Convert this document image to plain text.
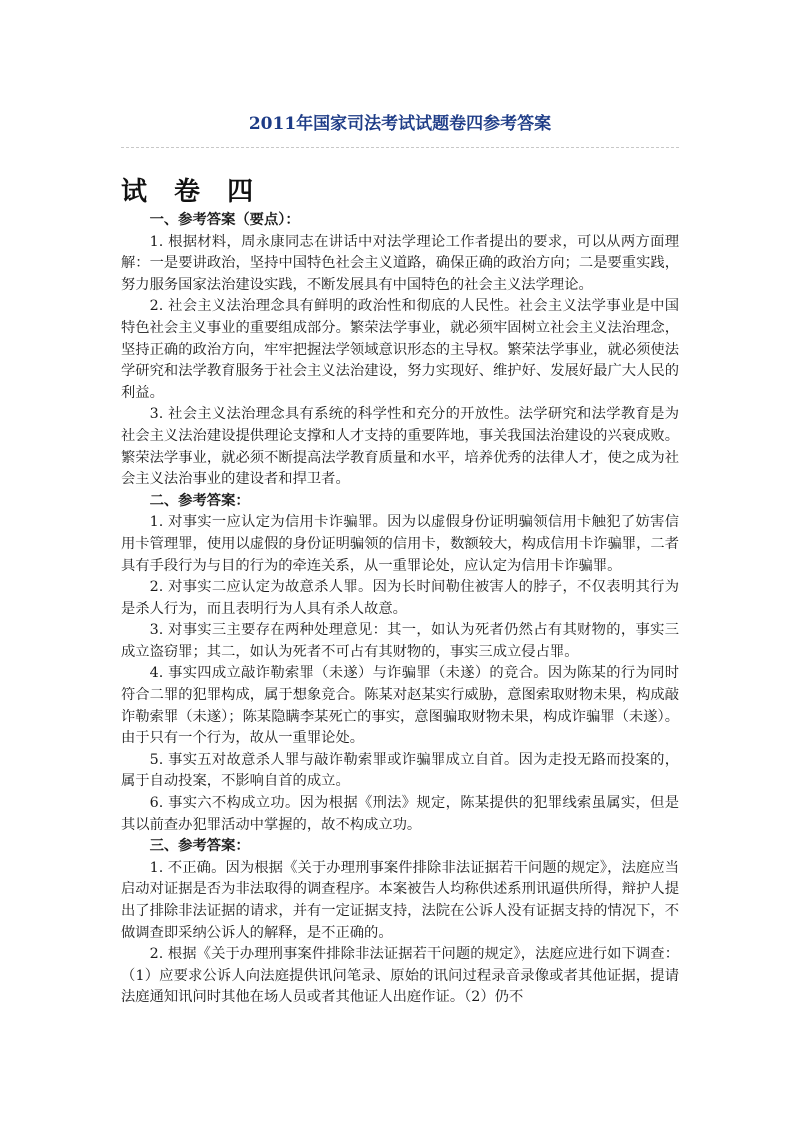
2011年国家司法考试试题卷四参考答案
试 卷 四

一、参考答案（要点）：

1. 根据材料，周永康同志在讲话中对法学理论工作者提出的要求，可以从两方面理解：一是要讲政治，坚持中国特色社会主义道路，确保正确的政治方向；二是要重实践，努力服务国家法治建设实践，不断发展具有中国特色的社会主义法学理论。

2. 社会主义法治理念具有鲜明的政治性和彻底的人民性。社会主义法学事业是中国特色社会主义事业的重要组成部分。繁荣法学事业，就必须牢固树立社会主义法治理念，坚持正确的政治方向，牢牢把握法学领域意识形态的主导权。繁荣法学事业，就必须使法学研究和法学教育服务于社会主义法治建设，努力实现好、维护好、发展好最广大人民的利益。

3. 社会主义法治理念具有系统的科学性和充分的开放性。法学研究和法学教育是为社会主义法治建设提供理论支撑和人才支持的重要阵地，事关我国法治建设的兴衰成败。繁荣法学事业，就必须不断提高法学教育质量和水平，培养优秀的法律人才，使之成为社会主义法治事业的建设者和捍卫者。

二、参考答案：

1. 对事实一应认定为信用卡诈骗罪。因为以虚假身份证明骗领信用卡触犯了妨害信用卡管理罪，使用以虚假的身份证明骗领的信用卡，数额较大，构成信用卡诈骗罪，二者具有手段行为与目的行为的牵连关系，从一重罪论处，应认定为信用卡诈骗罪。

2. 对事实二应认定为故意杀人罪。因为长时间勒住被害人的脖子，不仅表明其行为是杀人行为，而且表明行为人具有杀人故意。

3. 对事实三主要存在两种处理意见：其一，如认为死者仍然占有其财物的，事实三成立盗窃罪；其二，如认为死者不可占有其财物的，事实三成立侵占罪。

4. 事实四成立敲诈勒索罪（未遂）与诈骗罪（未遂）的竞合。因为陈某的行为同时符合二罪的犯罪构成，属于想象竞合。陈某对赵某实行威胁，意图索取财物未果，构成敲诈勒索罪（未遂）；陈某隐瞒李某死亡的事实，意图骗取财物未果，构成诈骗罪（未遂）。由于只有一个行为，故从一重罪论处。

5. 事实五对故意杀人罪与敲诈勒索罪或诈骗罪成立自首。因为走投无路而投案的，属于自动投案，不影响自首的成立。

6. 事实六不构成立功。因为根据《刑法》规定，陈某提供的犯罪线索虽属实，但是其以前查办犯罪活动中掌握的，故不构成立功。

三、参考答案：

1. 不正确。因为根据《关于办理刑事案件排除非法证据若干问题的规定》，法庭应当启动对证据是否为非法取得的调查程序。本案被告人均称供述系刑讯逼供所得，辩护人提出了排除非法证据的请求，并有一定证据支持，法院在公诉人没有证据支持的情况下，不做调查即采纳公诉人的解释，是不正确的。

2. 根据《关于办理刑事案件排除非法证据若干问题的规定》，法庭应进行如下调查：（1）应要求公诉人向法庭提供讯问笔录、原始的讯问过程录音录像或者其他证据，提请法庭通知讯问时其他在场人员或者其他证人出庭作证。（2）仍不
